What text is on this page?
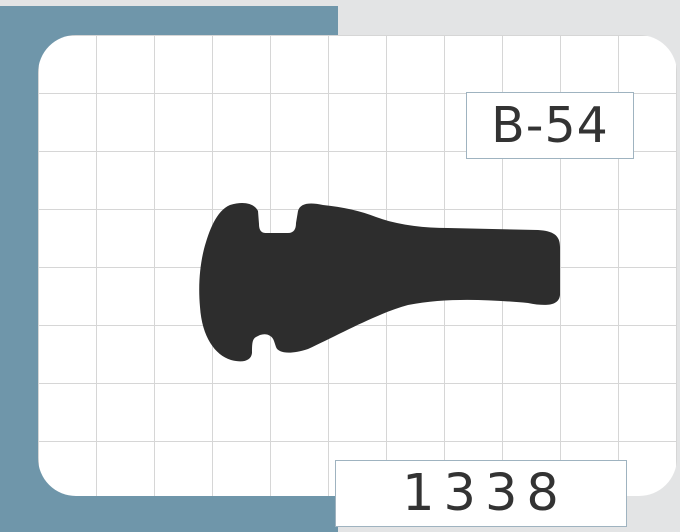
B-54
1338
